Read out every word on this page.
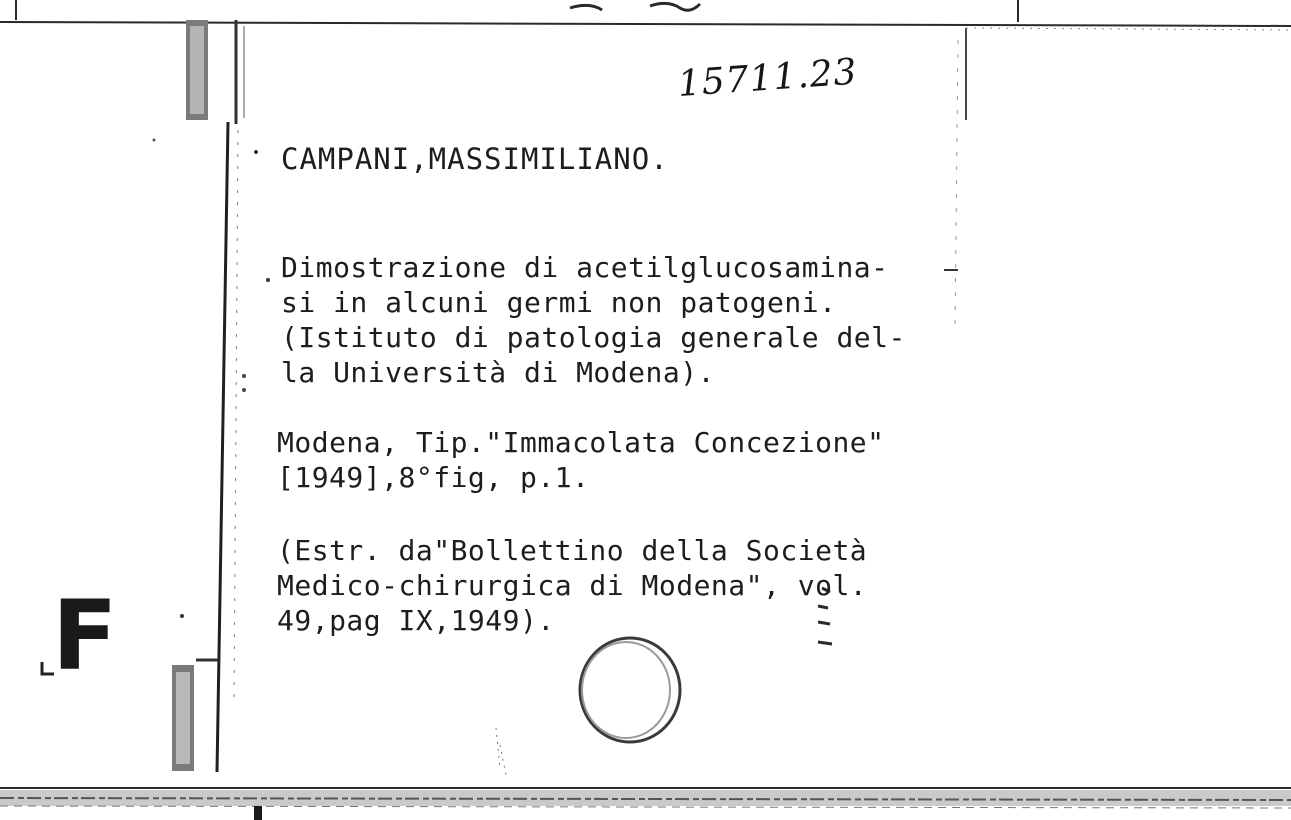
15711.23
CAMPANI,MASSIMILIANO.
Dimostrazione di acetilglucosamina-
si in alcuni germi non patogeni.
(Istituto di patologia generale del-
la Università di Modena).
Modena, Tip."Immacolata Concezione"
[1949],8°fig, p.1.
(Estr. da"Bollettino della Società
Medico-chirurgica di Modena", vol.
49,pag IX,1949).
F
